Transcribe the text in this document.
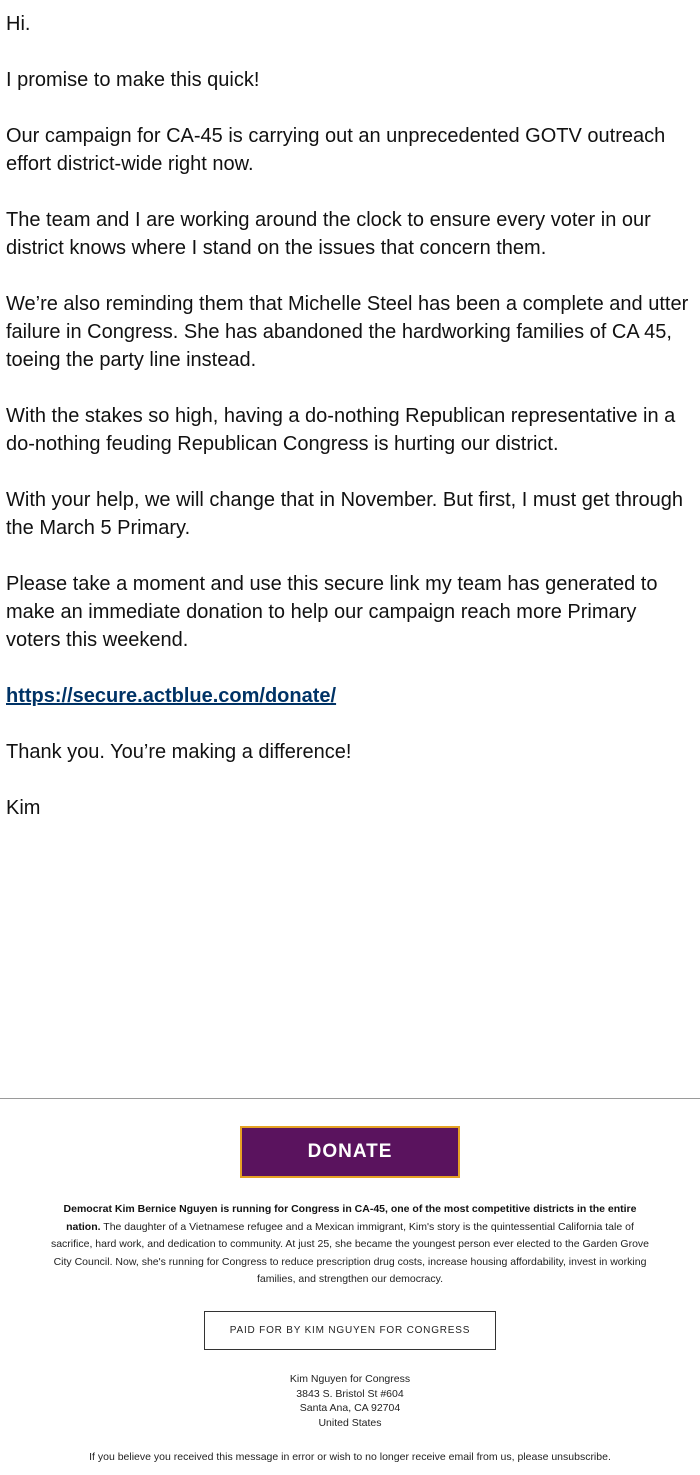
Hi.

I promise to make this quick!

Our campaign for CA-45 is carrying out an unprecedented GOTV outreach effort district-wide right now.

The team and I are working around the clock to ensure every voter in our district knows where I stand on the issues that concern them.

We’re also reminding them that Michelle Steel has been a complete and utter failure in Congress. She has abandoned the hardworking families of CA 45, toeing the party line instead.

With the stakes so high, having a do-nothing Republican representative in a do-nothing feuding Republican Congress is hurting our district.

With your help, we will change that in November. But first, I must get through the March 5 Primary.

Please take a moment and use this secure link my team has generated to make an immediate donation to help our campaign reach more Primary voters this weekend.

https://secure.actblue.com/donate/

Thank you. You’re making a difference!

Kim

DONATE
Democrat Kim Bernice Nguyen is running for Congress in CA-45, one of the most competitive districts in the entire nation. The daughter of a Vietnamese refugee and a Mexican immigrant, Kim's story is the quintessential California tale of sacrifice, hard work, and dedication to community. At just 25, she became the youngest person ever elected to the Garden Grove City Council. Now, she's running for Congress to reduce prescription drug costs, increase housing affordability, invest in working families, and strengthen our democracy.
PAID FOR BY KIM NGUYEN FOR CONGRESS
Kim Nguyen for Congress
3843 S. Bristol St #604
Santa Ana, CA 92704
United States
If you believe you received this message in error or wish to no longer receive email from us, please unsubscribe.
